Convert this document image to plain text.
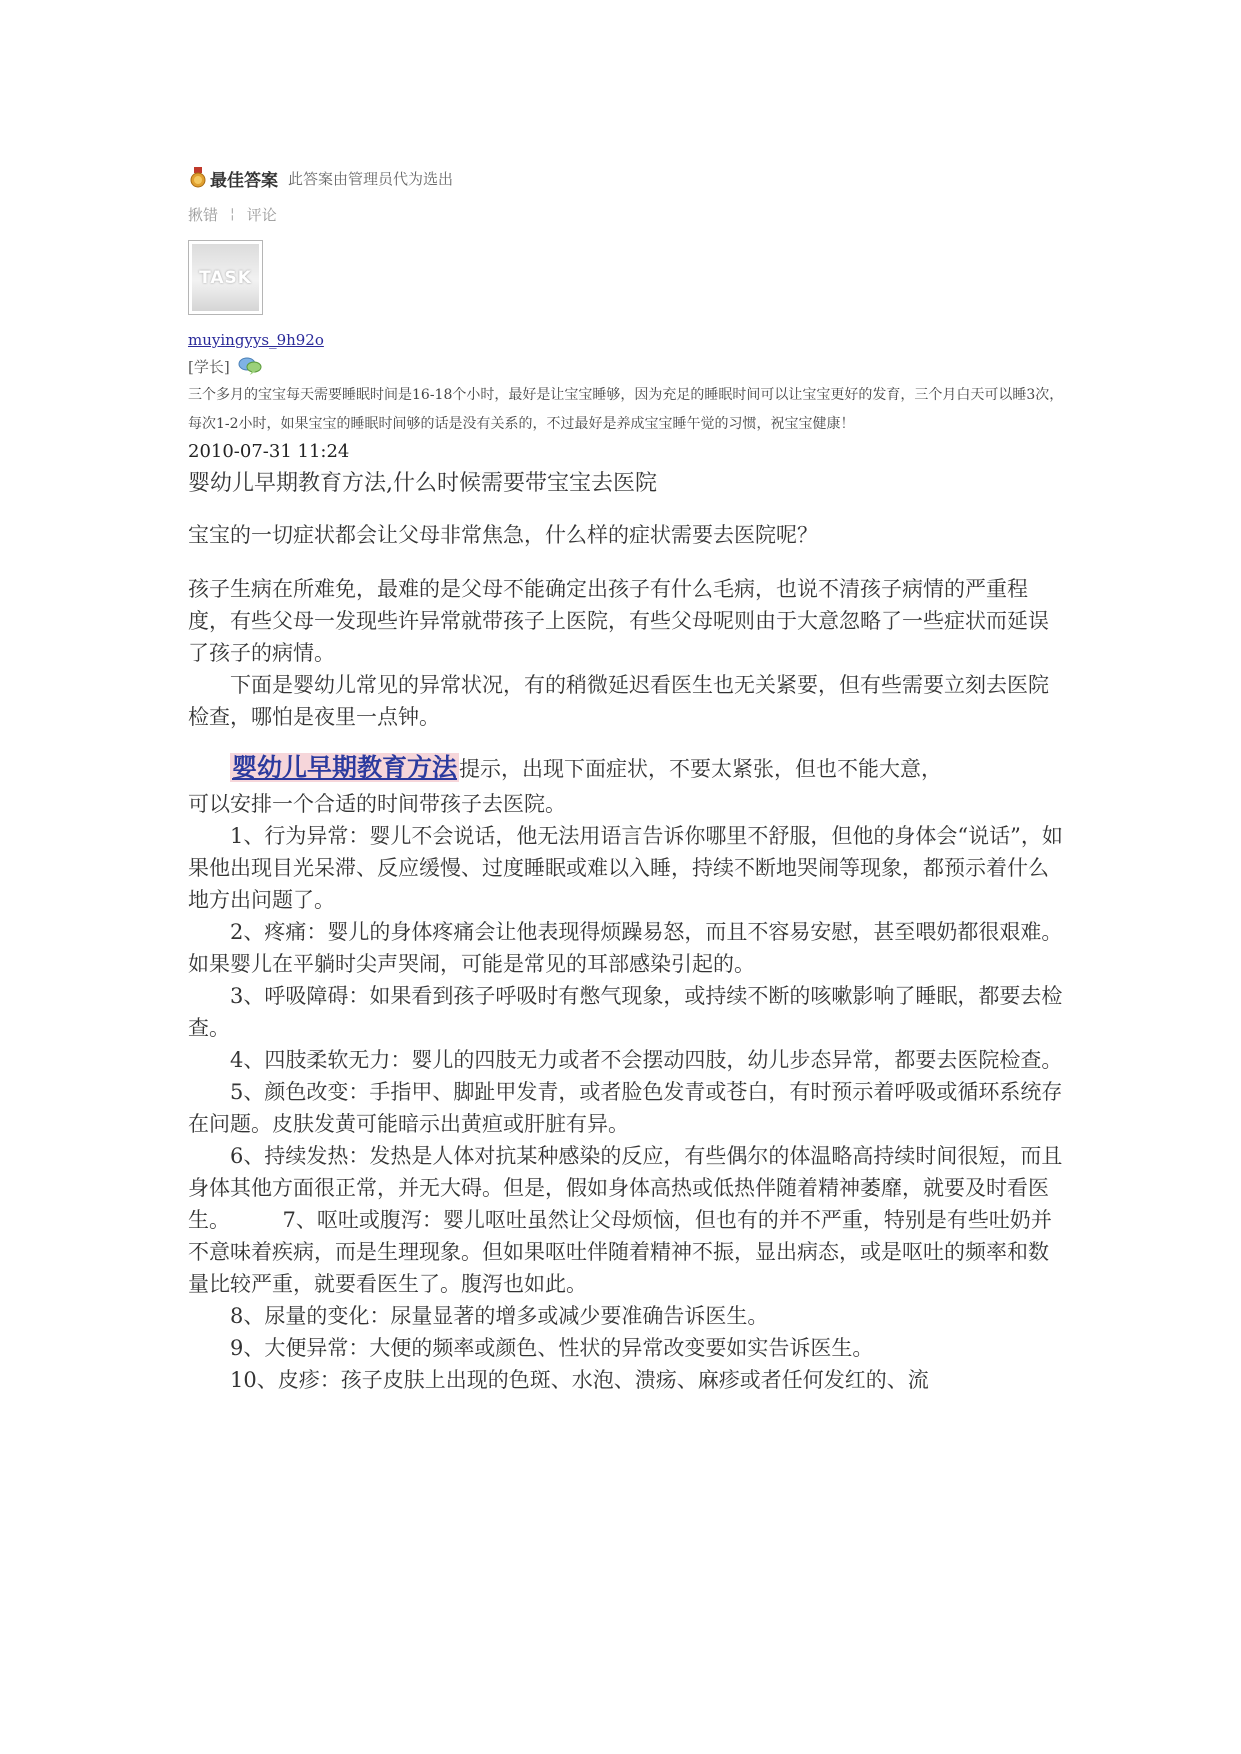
最佳答案 此答案由管理员代为选出
揪错 ¦ 评论
TASK
muyingyys_9h92o
[学长]
三个多月的宝宝每天需要睡眠时间是16-18个小时，最好是让宝宝睡够，因为充足的睡眠时间可以让宝宝更好的发育，三个月白天可以睡3次，每次1-2小时，如果宝宝的睡眠时间够的话是没有关系的，不过最好是养成宝宝睡午觉的习惯，祝宝宝健康！
2010-07-31 11:24
婴幼儿早期教育方法,什么时候需要带宝宝去医院
宝宝的一切症状都会让父母非常焦急，什么样的症状需要去医院呢？

孩子生病在所难免，最难的是父母不能确定出孩子有什么毛病，也说不清孩子病情的严重程度，有些父母一发现些许异常就带孩子上医院，有些父母呢则由于大意忽略了一些症状而延误了孩子的病情。

下面是婴幼儿常见的异常状况，有的稍微延迟看医生也无关紧要，但有些需要立刻去医院检查，哪怕是夜里一点钟。

婴幼儿早期教育方法提示，出现下面症状，不要太紧张，但也不能大意，

可以安排一个合适的时间带孩子去医院。

1、行为异常：婴儿不会说话，他无法用语言告诉你哪里不舒服，但他的身体会“说话”，如果他出现目光呆滞、反应缓慢、过度睡眠或难以入睡，持续不断地哭闹等现象，都预示着什么地方出问题了。

2、疼痛：婴儿的身体疼痛会让他表现得烦躁易怒，而且不容易安慰，甚至喂奶都很艰难。如果婴儿在平躺时尖声哭闹，可能是常见的耳部感染引起的。

3、呼吸障碍：如果看到孩子呼吸时有憋气现象，或持续不断的咳嗽影响了睡眠，都要去检查。

4、四肢柔软无力：婴儿的四肢无力或者不会摆动四肢，幼儿步态异常，都要去医院检查。

5、颜色改变：手指甲、脚趾甲发青，或者脸色发青或苍白，有时预示着呼吸或循环系统存在问题。皮肤发黄可能暗示出黄疸或肝脏有异。

6、持续发热：发热是人体对抗某种感染的反应，有些偶尔的体温略高持续时间很短，而且身体其他方面很正常，并无大碍。但是，假如身体高热或低热伴随着精神萎靡，就要及时看医生。　　　7、呕吐或腹泻：婴儿呕吐虽然让父母烦恼，但也有的并不严重，特别是有些吐奶并不意味着疾病，而是生理现象。但如果呕吐伴随着精神不振，显出病态，或是呕吐的频率和数量比较严重，就要看医生了。腹泻也如此。

8、尿量的变化：尿量显著的增多或减少要准确告诉医生。

9、大便异常：大便的频率或颜色、性状的异常改变要如实告诉医生。

10、皮疹：孩子皮肤上出现的色斑、水泡、溃疡、麻疹或者任何发红的、流
